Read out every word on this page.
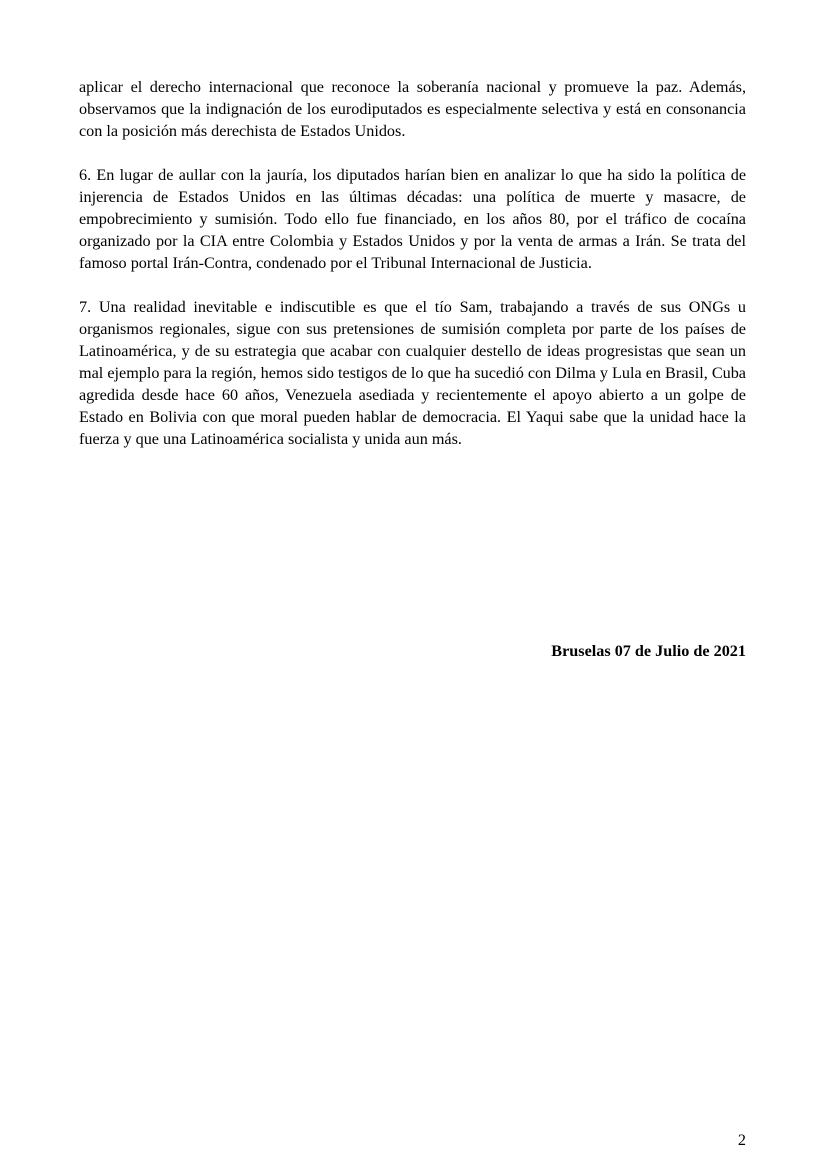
aplicar el derecho internacional que reconoce la soberanía nacional y promueve la paz. Además, observamos que la indignación de los eurodiputados es especialmente selectiva y está en consonancia con la posición más derechista de Estados Unidos.

6. En lugar de aullar con la jauría, los diputados harían bien en analizar lo que ha sido la política de injerencia de Estados Unidos en las últimas décadas: una política de muerte y masacre, de empobrecimiento y sumisión. Todo ello fue financiado, en los años 80, por el tráfico de cocaína organizado por la CIA entre Colombia y Estados Unidos y por la venta de armas a Irán. Se trata del famoso portal Irán-Contra, condenado por el Tribunal Internacional de Justicia.

7. Una realidad inevitable e indiscutible es que el tío Sam, trabajando a través de sus ONGs u organismos regionales, sigue con sus pretensiones de sumisión completa por parte de los países de Latinoamérica, y de su estrategia que acabar con cualquier destello de ideas progresistas que sean un mal ejemplo para la región, hemos sido testigos de lo que ha sucedió con Dilma y Lula en Brasil, Cuba agredida desde hace 60 años, Venezuela asediada y recientemente el apoyo abierto a un golpe de Estado en Bolivia con que moral pueden hablar de democracia. El Yaqui sabe que la unidad hace la fuerza y que una Latinoamérica socialista y unida aun más.

Bruselas 07 de Julio de 2021
2
